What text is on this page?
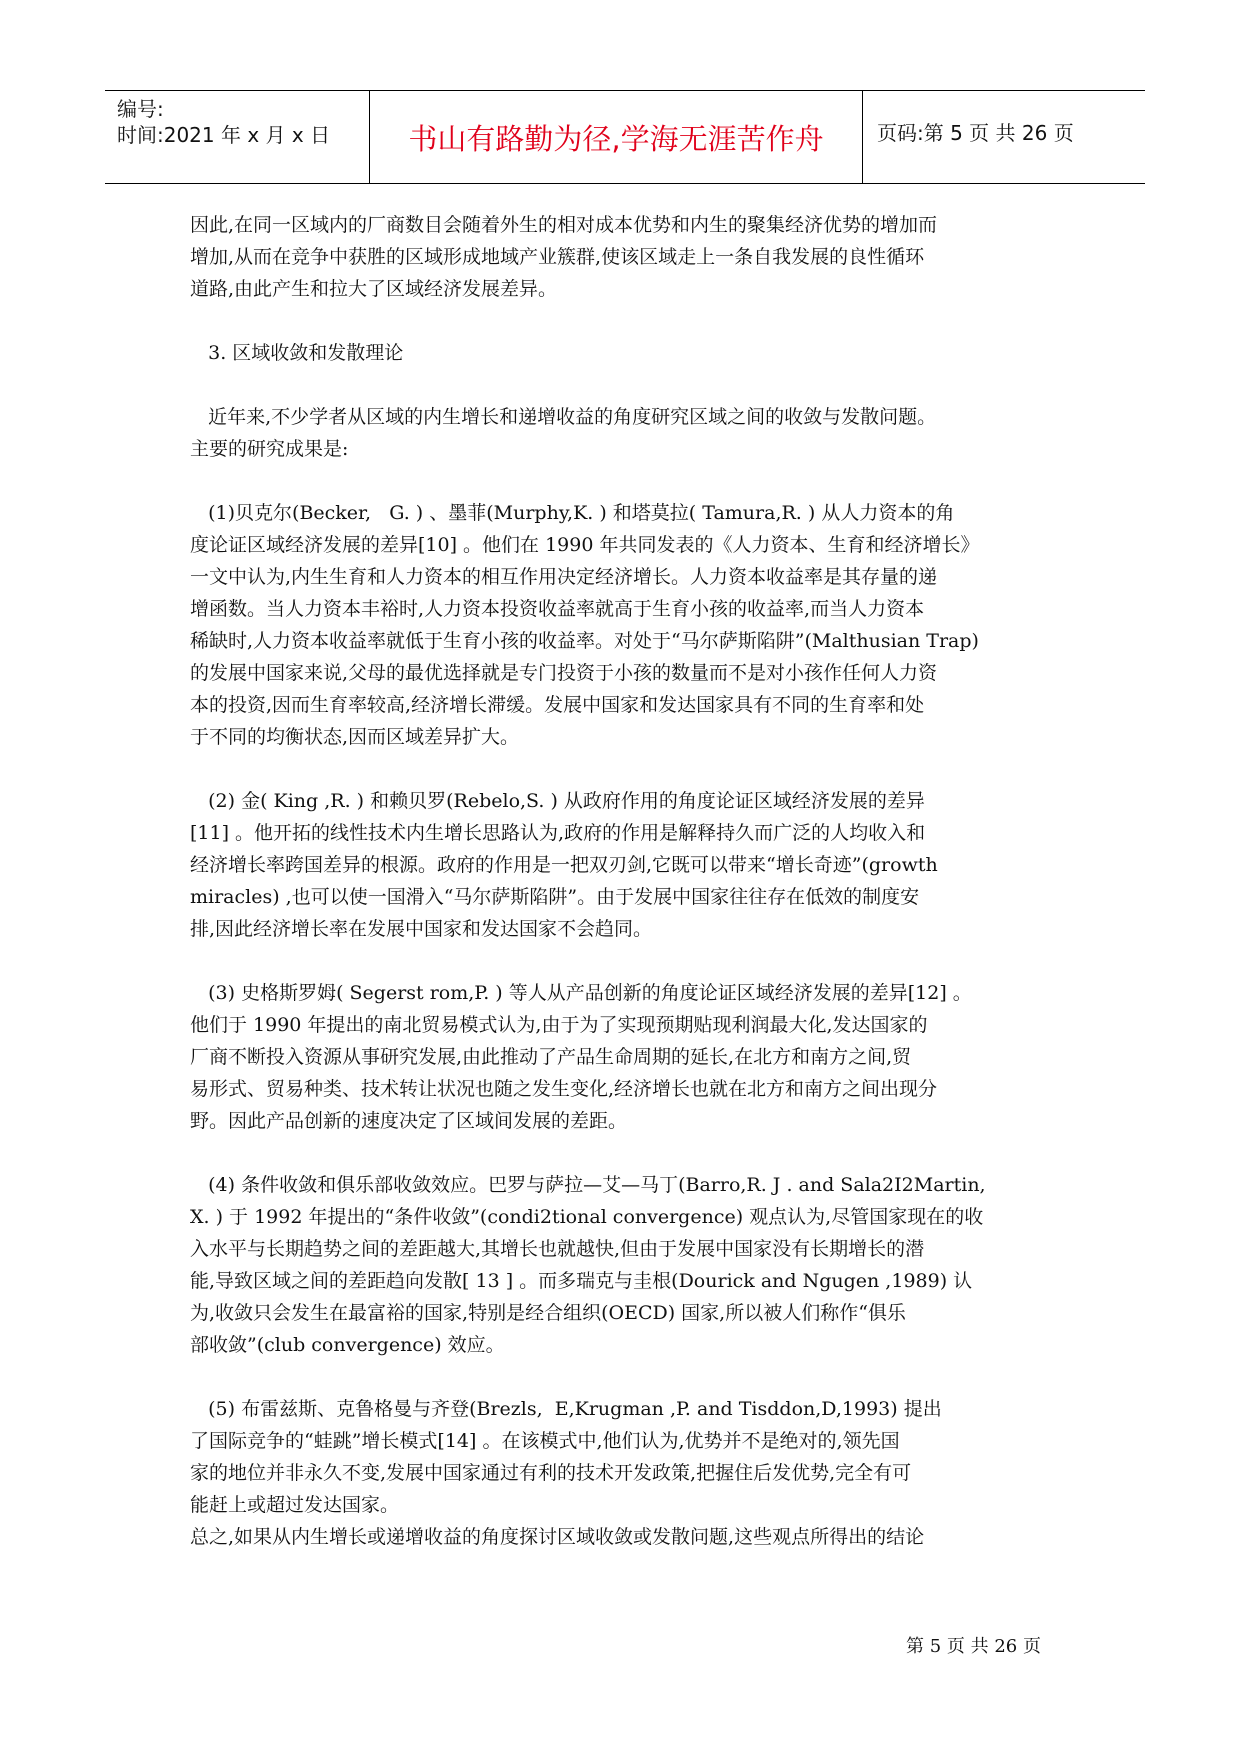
编号:
时间:2021 年 x 月 x 日	书山有路勤为径,学海无涯苦作舟	页码:第 5 页 共 26 页

因此,在同一区域内的厂商数目会随着外生的相对成本优势和内生的聚集经济优势的增加而
增加,从而在竞争中获胜的区域形成地域产业簇群,使该区域走上一条自我发展的良性循环
道路,由此产生和拉大了区域经济发展差异。

3. 区域收敛和发散理论

近年来,不少学者从区域的内生增长和递增收益的角度研究区域之间的收敛与发散问题。
主要的研究成果是:

(1)贝克尔(Becker,   G. ) 、墨菲(Murphy,K. ) 和塔莫拉( Tamura,R. ) 从人力资本的角
度论证区域经济发展的差异[10] 。他们在 1990 年共同发表的《人力资本、生育和经济增长》
一文中认为,内生生育和人力资本的相互作用决定经济增长。人力资本收益率是其存量的递
增函数。当人力资本丰裕时,人力资本投资收益率就高于生育小孩的收益率,而当人力资本
稀缺时,人力资本收益率就低于生育小孩的收益率。对处于“马尔萨斯陷阱”(Malthusian Trap)
的发展中国家来说,父母的最优选择就是专门投资于小孩的数量而不是对小孩作任何人力资
本的投资,因而生育率较高,经济增长滞缓。发展中国家和发达国家具有不同的生育率和处
于不同的均衡状态,因而区域差异扩大。

(2) 金( King ,R. ) 和赖贝罗(Rebelo,S. ) 从政府作用的角度论证区域经济发展的差异
[11] 。他开拓的线性技术内生增长思路认为,政府的作用是解释持久而广泛的人均收入和
经济增长率跨国差异的根源。政府的作用是一把双刃剑,它既可以带来“增长奇迹”(growth
miracles) ,也可以使一国滑入“马尔萨斯陷阱”。由于发展中国家往往存在低效的制度安
排,因此经济增长率在发展中国家和发达国家不会趋同。

(3) 史格斯罗姆( Segerst rom,P. ) 等人从产品创新的角度论证区域经济发展的差异[12] 。
他们于 1990 年提出的南北贸易模式认为,由于为了实现预期贴现利润最大化,发达国家的
厂商不断投入资源从事研究发展,由此推动了产品生命周期的延长,在北方和南方之间,贸
易形式、贸易种类、技术转让状况也随之发生变化,经济增长也就在北方和南方之间出现分
野。因此产品创新的速度决定了区域间发展的差距。

(4) 条件收敛和俱乐部收敛效应。巴罗与萨拉—艾—马丁(Barro,R. J . and Sala2I2Martin,
X. ) 于 1992 年提出的“条件收敛”(condi2tional convergence) 观点认为,尽管国家现在的收
入水平与长期趋势之间的差距越大,其增长也就越快,但由于发展中国家没有长期增长的潜
能,导致区域之间的差距趋向发散[ 13 ] 。而多瑞克与圭根(Dourick and Ngugen ,1989) 认
为,收敛只会发生在最富裕的国家,特别是经合组织(OECD) 国家,所以被人们称作“俱乐
部收敛”(club convergence) 效应。

(5) 布雷兹斯、克鲁格曼与齐登(Brezls,  E,Krugman ,P. and Tisddon,D,1993) 提出
了国际竞争的“蛙跳”增长模式[14] 。在该模式中,他们认为,优势并不是绝对的,领先国
家的地位并非永久不变,发展中国家通过有利的技术开发政策,把握住后发优势,完全有可
能赶上或超过发达国家。

总之,如果从内生增长或递增收益的角度探讨区域收敛或发散问题,这些观点所得出的结论

第 5 页 共 26 页
